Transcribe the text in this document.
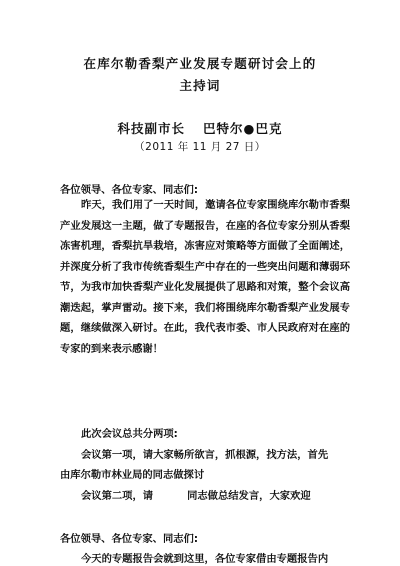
在库尔勒香梨产业发展专题研讨会上的
主持词
科技副市长 巴特尔●巴克
（2011 年 11 月 27 日）
各位领导、各位专家、同志们:
昨天，我们用了一天时间，邀请各位专家围绕库尔勒市香梨产业发展这一主题，做了专题报告，在座的各位专家分别从香梨冻害机理，香梨抗旱栽培，冻害应对策略等方面做了全面阐述，并深度分析了我市传统香梨生产中存在的一些突出问题和薄弱环节，为我市加快香梨产业化发展提供了思路和对策，整个会议高潮迭起，掌声雷动。接下来，我们将围绕库尔勒香梨产业发展专题，继续做深入研讨。在此，我代表市委、市人民政府对在座的专家的到来表示感谢！
此次会议总共分两项:
会议第一项，请大家畅所欲言，抓根源，找方法，首先
由库尔勒市林业局的同志做探讨
会议第二项，请	同志做总结发言，大家欢迎
各位领导、各位专家、同志们:
今天的专题报告会就到这里，各位专家借由专题报告内
